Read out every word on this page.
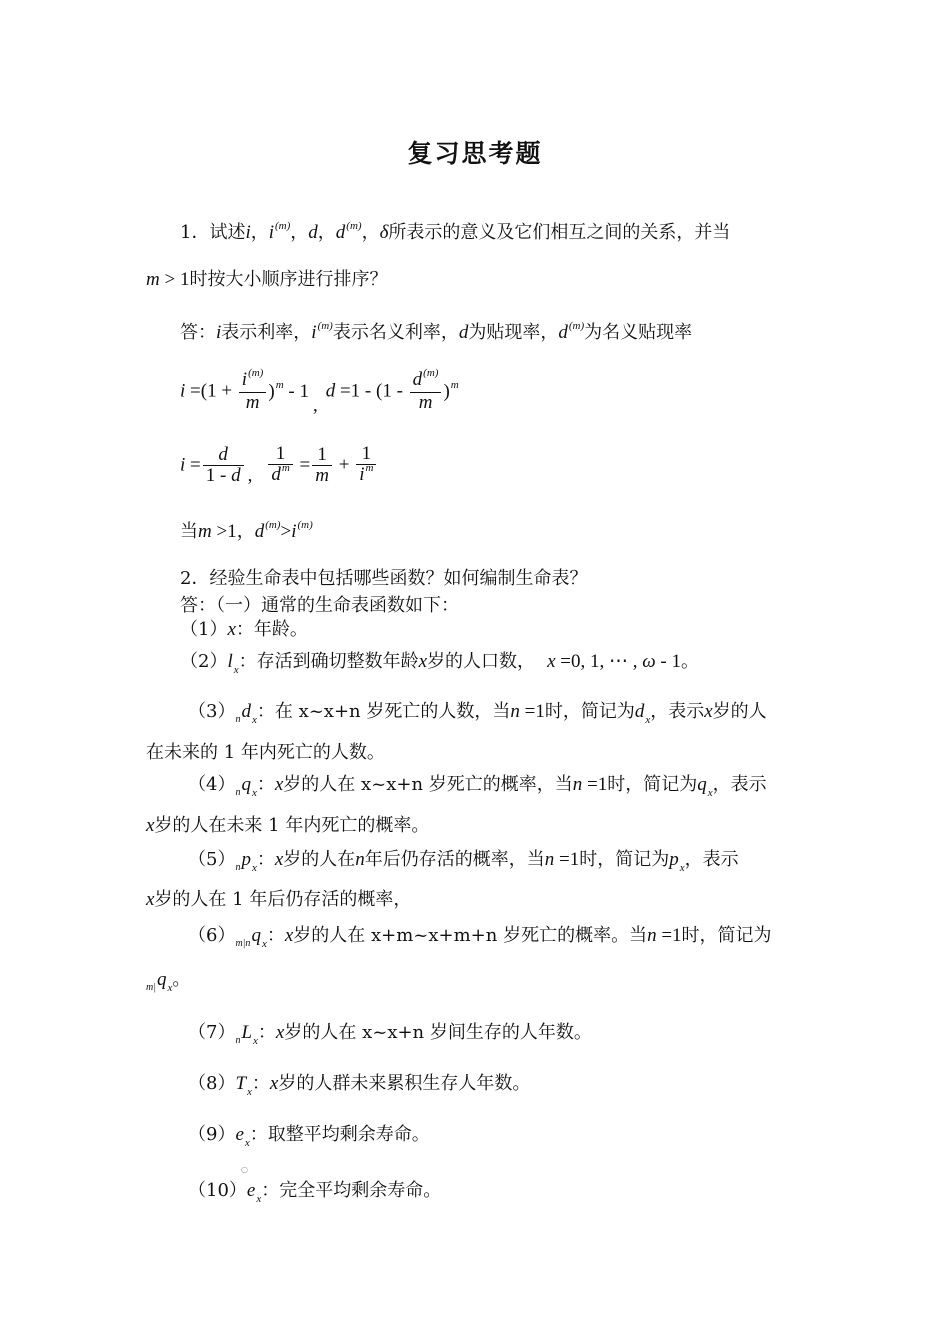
复习思考题
1．试述i，$i^{(m)}$，d，$d^{(m)}$，δ所表示的意义及它们相互之间的关系，并当
m > 1时按大小顺序进行排序？
答：i表示利率，$i^{(m)}$表示名义利率，d为贴现率，$d^{(m)}$为名义贴现率
$i =(1 + \frac{i^{(m)}}{m} )^m - 1,d =1 - (1 - \frac{d^{(m)}}{m} )^m$
$i = \frac{d}{1 - d}$ , $\frac{1}{d^m} = \frac{1}{m} + \frac{1}{i^m}$
当m >1，$d^{(m)}>i^{(m)}$
2．经验生命表中包括哪些函数？如何编制生命表？
答：（一）通常的生命表函数如下：
（1）x：年龄。
$(2)l_x$：存活到确切整数年龄x岁的人口数， x =0, 1, ⋯ , ω - 1。
$(3)_nd_x$：在 x~x+n 岁死亡的人数，当n =1时，简记为$d_x$，表示x岁的人
在未来的 1 年内死亡的人数。
$(4)_nq_x$：x岁的人在 x~x+n 岁死亡的概率，当n =1时，简记为$q_x$，表示
x岁的人在未来 1 年内死亡的概率。
$(5)_np_x$：x岁的人在n年后仍存活的概率，当n =1时，简记为$p_x$，表示
x岁的人在 1 年后仍存活的概率，
$(6)_{m|n}q_x$：x岁的人在 x+m~x+m+n 岁死亡的概率。当n =1时，简记为
$_{m|}q_x$。
$(7)_nL_x$：x岁的人在 x~x+n 岁间生存的人年数。
$(8)T_x$：x岁的人群未来累积生存人年数。
$(9)e_x$：取整平均剩余寿命。
○
$(10)e_x$：完全平均剩余寿命。
